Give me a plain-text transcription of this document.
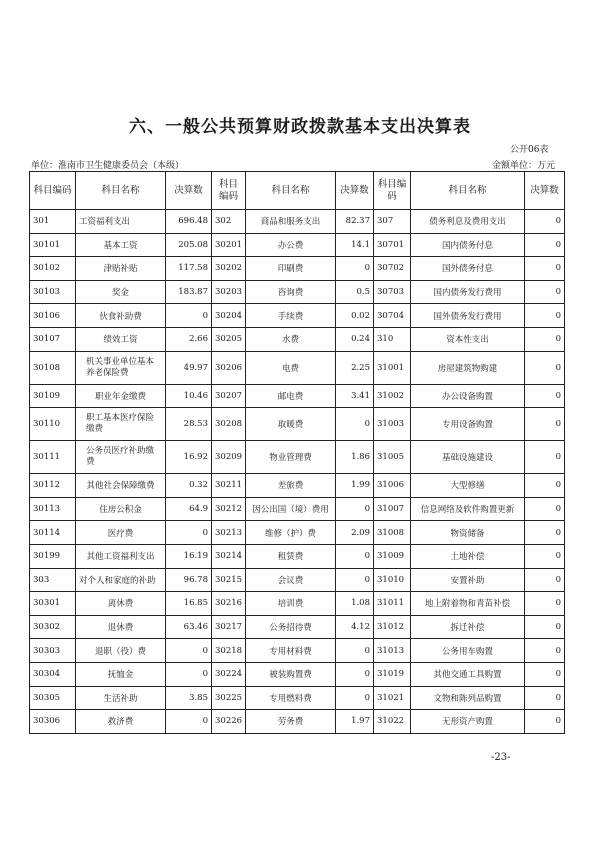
六、一般公共预算财政拨款基本支出决算表
公开06表
单位：淮南市卫生健康委员会（本级）	金额单位：万元
科目编码	科目名称	决算数	科目编码	科目名称	决算数	科目编码	科目名称	决算数
301	工资福利支出	696.48	302	商品和服务支出	82.37	307	债务利息及费用支出	0
30101	基本工资	205.08	30201	办公费	14.1	30701	国内债务付息	0
30102	津贴补贴	117.58	30202	印刷费	0	30702	国外债务付息	0
30103	奖金	183.87	30203	咨询费	0.5	30703	国内债务发行费用	0
30106	伙食补助费	0	30204	手续费	0.02	30704	国外债务发行费用	0
30107	绩效工资	2.66	30205	水费	0.24	310	资本性支出	0
30108	机关事业单位基本养老保险费	49.97	30206	电费	2.25	31001	房屋建筑物购建	0
30109	职业年金缴费	10.46	30207	邮电费	3.41	31002	办公设备购置	0
30110	职工基本医疗保险缴费	28.53	30208	取暖费	0	31003	专用设备购置	0
30111	公务员医疗补助缴费	16.92	30209	物业管理费	1.86	31005	基础设施建设	0
30112	其他社会保障缴费	0.32	30211	差旅费	1.99	31006	大型修缮	0
30113	住房公积金	64.9	30212	因公出国（境）费用	0	31007	信息网络及软件购置更新	0
30114	医疗费	0	30213	维修（护）费	2.09	31008	物资储备	0
30199	其他工资福利支出	16.19	30214	租赁费	0	31009	土地补偿	0
303	对个人和家庭的补助	96.78	30215	会议费	0	31010	安置补助	0
30301	离休费	16.85	30216	培训费	1.08	31011	地上附着物和青苗补偿	0
30302	退休费	63.46	30217	公务招待费	4.12	31012	拆迁补偿	0
30303	退职（役）费	0	30218	专用材料费	0	31013	公务用车购置	0
30304	抚恤金	0	30224	被装购置费	0	31019	其他交通工具购置	0
30305	生活补助	3.85	30225	专用燃料费	0	31021	文物和陈列品购置	0
30306	救济费	0	30226	劳务费	1.97	31022	无形资产购置	0
-23-
